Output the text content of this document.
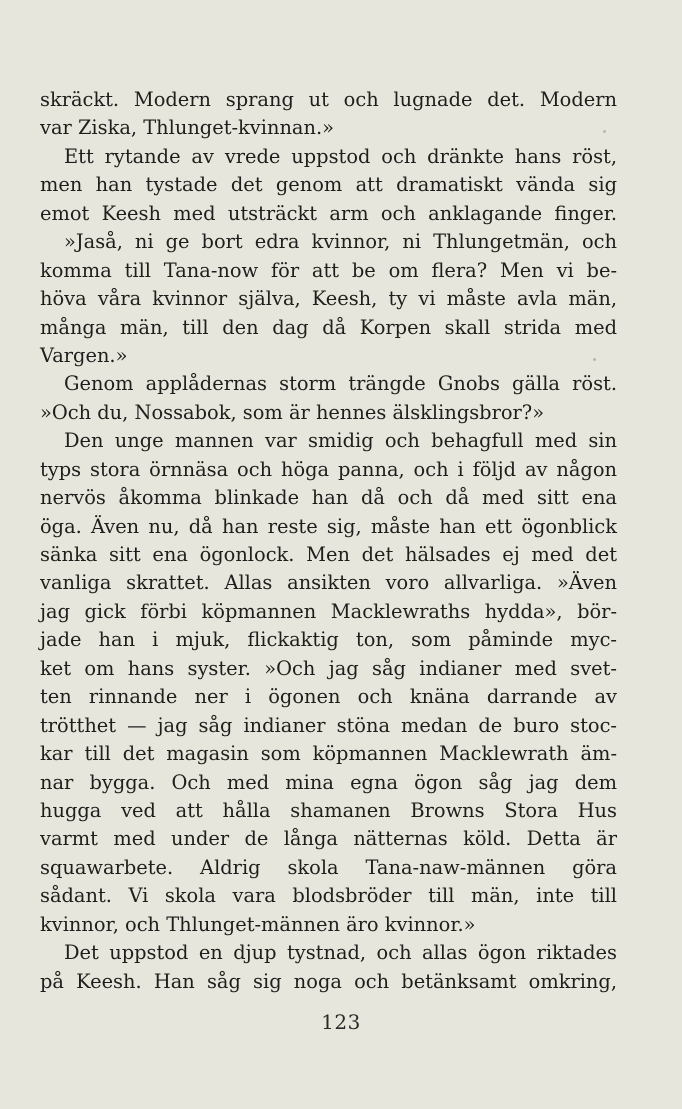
skräckt. Modern sprang ut och lugnade det. Modern
var Ziska, Thlunget-kvinnan.»
Ett rytande av vrede uppstod och dränkte hans röst,
men han tystade det genom att dramatiskt vända sig
emot Keesh med utsträckt arm och anklagande finger.
»Jaså, ni ge bort edra kvinnor, ni Thlungetmän, och
komma till Tana-now för att be om flera? Men vi be-
höva våra kvinnor själva, Keesh, ty vi måste avla män,
många män, till den dag då Korpen skall strida med
Vargen.»
Genom applådernas storm trängde Gnobs gälla röst.
»Och du, Nossabok, som är hennes älsklingsbror?»
Den unge mannen var smidig och behagfull med sin
typs stora örnnäsa och höga panna, och i följd av någon
nervös åkomma blinkade han då och då med sitt ena
öga. Även nu, då han reste sig, måste han ett ögonblick
sänka sitt ena ögonlock. Men det hälsades ej med det
vanliga skrattet. Allas ansikten voro allvarliga. »Även
jag gick förbi köpmannen Macklewraths hydda», bör-
jade han i mjuk, flickaktig ton, som påminde myc-
ket om hans syster. »Och jag såg indianer med svet-
ten rinnande ner i ögonen och knäna darrande av
trötthet — jag såg indianer stöna medan de buro stoc-
kar till det magasin som köpmannen Macklewrath äm-
nar bygga. Och med mina egna ögon såg jag dem
hugga ved att hålla shamanen Browns Stora Hus
varmt med under de långa nätternas köld. Detta är
squawarbete. Aldrig skola Tana-naw-männen göra
sådant. Vi skola vara blodsbröder till män, inte till
kvinnor, och Thlunget-männen äro kvinnor.»
Det uppstod en djup tystnad, och allas ögon riktades
på Keesh. Han såg sig noga och betänksamt omkring,
123
